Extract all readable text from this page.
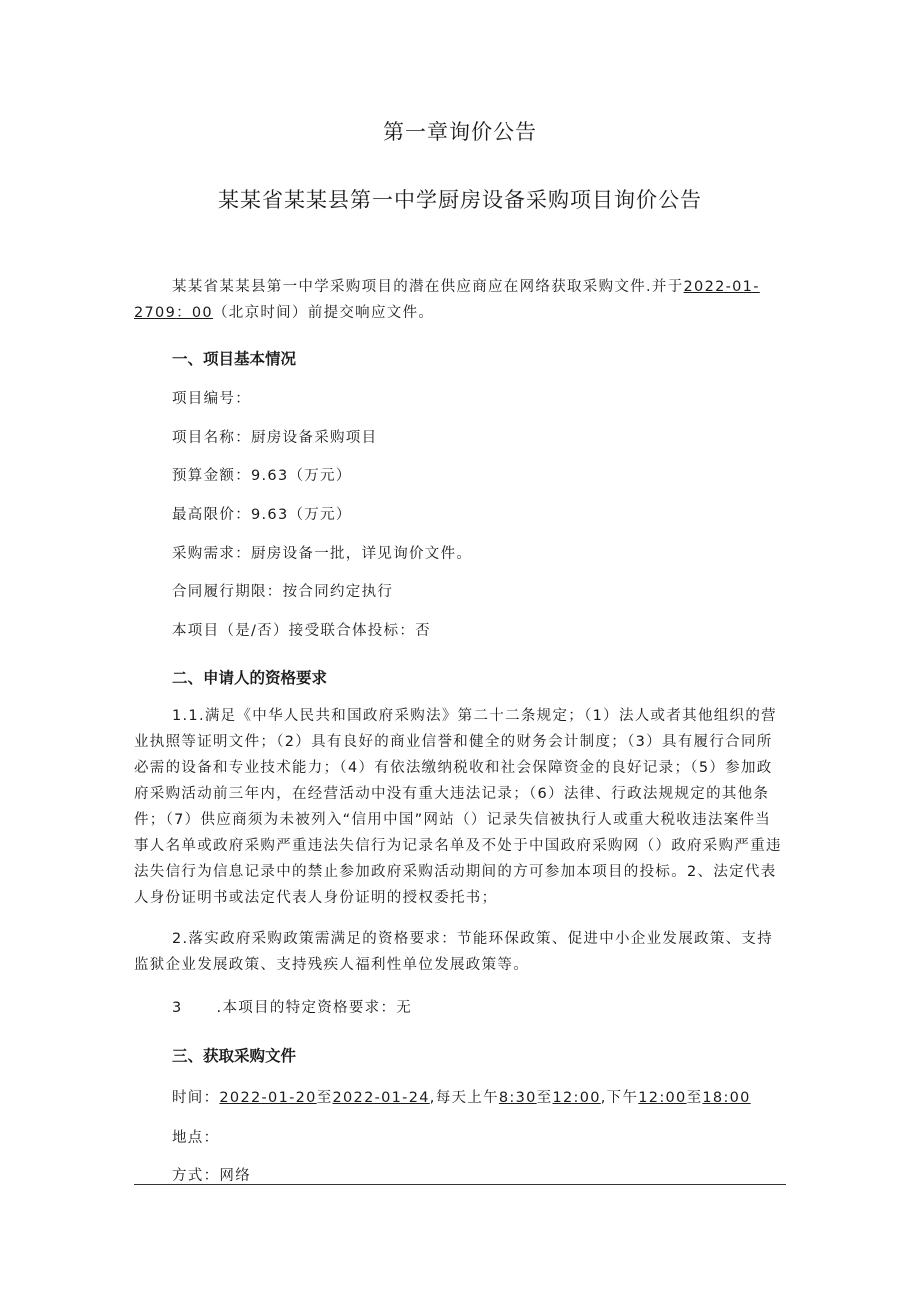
第一章询价公告
某某省某某县第一中学厨房设备采购项目询价公告

某某省某某县第一中学采购项目的潜在供应商应在网络获取采购文件.并于2022-01-2709：00（北京时间）前提交响应文件。

一、项目基本情况

项目编号：

项目名称：厨房设备采购项目

预算金额：9.63（万元）

最高限价：9.63（万元）

采购需求：厨房设备一批，详见询价文件。

合同履行期限：按合同约定执行

本项目（是/否）接受联合体投标：否

二、申请人的资格要求

1.1.满足《中华人民共和国政府采购法》第二十二条规定；（1）法人或者其他组织的营业执照等证明文件；（2）具有良好的商业信誉和健全的财务会计制度；（3）具有履行合同所必需的设备和专业技术能力；（4）有依法缴纳税收和社会保障资金的良好记录；（5）参加政府采购活动前三年内，在经营活动中没有重大违法记录；（6）法律、行政法规规定的其他条件；（7）供应商须为未被列入“信用中国”网站（）记录失信被执行人或重大税收违法案件当事人名单或政府采购严重违法失信行为记录名单及不处于中国政府采购网（）政府采购严重违法失信行为信息记录中的禁止参加政府采购活动期间的方可参加本项目的投标。2、法定代表人身份证明书或法定代表人身份证明的授权委托书；

2.落实政府采购政策需满足的资格要求：节能环保政策、促进中小企业发展政策、支持监狱企业发展政策、支持残疾人福利性单位发展政策等。

3 .本项目的特定资格要求：无

三、获取采购文件

时间：2022-01-20至2022-01-24,每天上午8:30至12:00,下午12:00至18:00

地点：

方式：网络
